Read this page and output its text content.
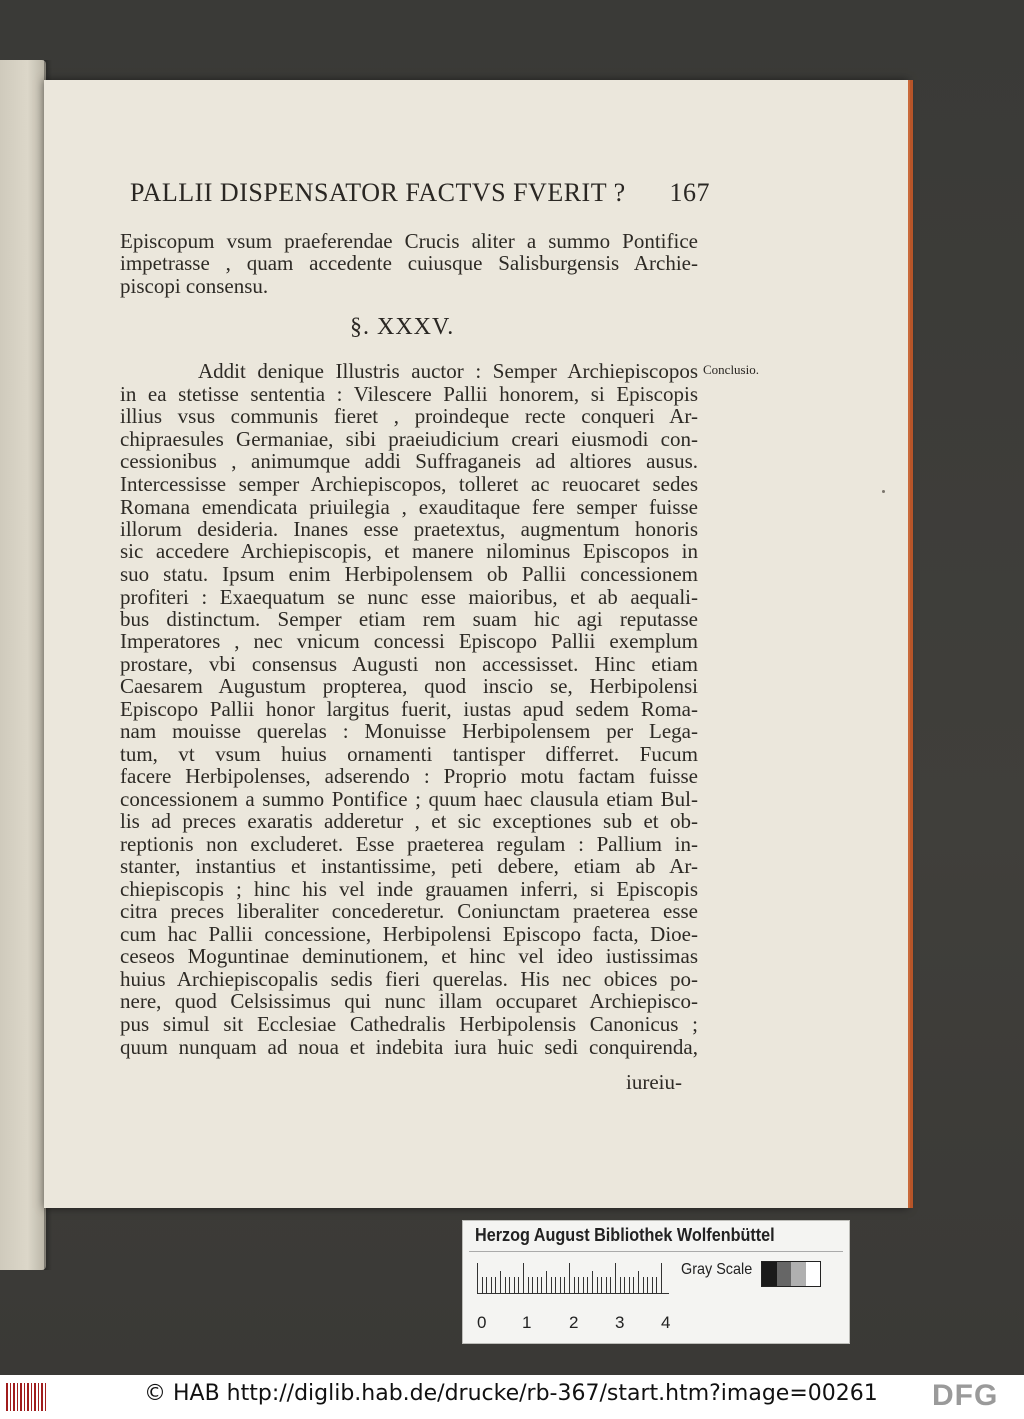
PALLII DISPENSATOR FACTVS FVERIT ? 167
§. XXXV.
Conclusio.
Episcopum vsum praeferendae Crucis aliter a summo Pontifice
impetrasse , quam accedente cuiusque Salisburgensis Archie-
piscopi consensu.
Addit denique Illustris auctor : Semper Archiepiscopos
in ea stetisse sententia : Vilescere Pallii honorem, si Episcopis
illius vsus communis fieret , proindeque recte conqueri Ar-
chipraesules Germaniae, sibi praeiudicium creari eiusmodi con-
cessionibus , animumque addi Suffraganeis ad altiores ausus.
Intercessisse semper Archiepiscopos, tolleret ac reuocaret sedes
Romana emendicata priuilegia , exauditaque fere semper fuisse
illorum desideria. Inanes esse praetextus, augmentum honoris
sic accedere Archiepiscopis, et manere nilominus Episcopos in
suo statu. Ipsum enim Herbipolensem ob Pallii concessionem
profiteri : Exaequatum se nunc esse maioribus, et ab aequali-
bus distinctum. Semper etiam rem suam hic agi reputasse
Imperatores , nec vnicum concessi Episcopo Pallii exemplum
prostare, vbi consensus Augusti non accessisset. Hinc etiam
Caesarem Augustum propterea, quod inscio se, Herbipolensi
Episcopo Pallii honor largitus fuerit, iustas apud sedem Roma-
nam mouisse querelas : Monuisse Herbipolensem per Lega-
tum, vt vsum huius ornamenti tantisper differret. Fucum
facere Herbipolenses, adserendo : Proprio motu factam fuisse
concessionem a summo Pontifice ; quum haec clausula etiam Bul-
lis ad preces exaratis adderetur , et sic exceptiones sub et ob-
reptionis non excluderet. Esse praeterea regulam : Pallium in-
stanter, instantius et instantissime, peti debere, etiam ab Ar-
chiepiscopis ; hinc his vel inde grauamen inferri, si Episcopis
citra preces liberaliter concederetur. Coniunctam praeterea esse
cum hac Pallii concessione, Herbipolensi Episcopo facta, Dioe-
ceseos Moguntinae deminutionem, et hinc vel ideo iustissimas
huius Archiepiscopalis sedis fieri querelas. His nec obices po-
nere, quod Celsissimus qui nunc illam occuparet Archiepisco-
pus simul sit Ecclesiae Cathedralis Herbipolensis Canonicus ;
quum nunquam ad noua et indebita iura huic sedi conquirenda,
iureiu-
Herzog August Bibliothek Wolfenbüttel
0 1 2 3 4
Gray Scale
© HAB http://diglib.hab.de/drucke/rb-367/start.htm?image=00261 DFG
